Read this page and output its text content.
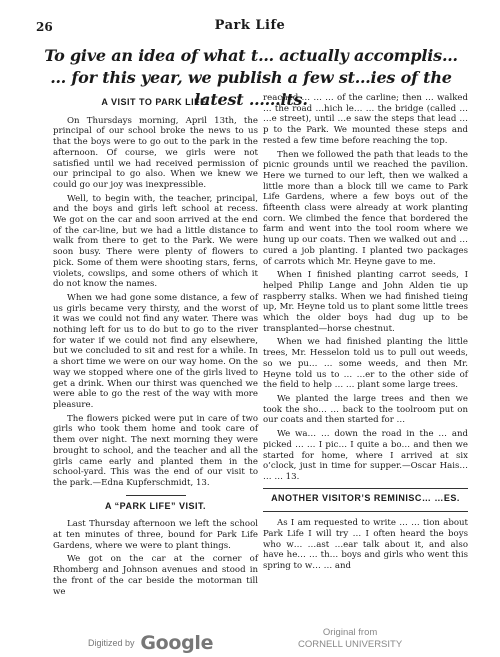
26	Park Life
To give an idea of what t… actually accomplis… … for this year, we publish a few st…ies of the latest ……its.
A VISIT TO PARK LIFE.

On Thursdays morning, April 13th, the principal of our school broke the news to us that the boys were to go out to the park in the afternoon. Of course, we girls were not satisfied until we had received permission of our principal to go also. When we knew we could go our joy was inexpressible.

Well, to begin with, the teacher, principal, and the boys and girls left school at recess. We got on the car and soon arrived at the end of the car-line, but we had a little distance to walk from there to get to the Park. We were soon busy. There were plenty of flowers to pick. Some of them were shooting stars, ferns, violets, cowslips, and some others of which it do not know the names.

When we had gone some distance, a few of us girls became very thirsty, and the worst of it was we could not find any water. There was nothing left for us to do but to go to the river for water if we could not find any elsewhere, but we concluded to sit and rest for a while. In a short time we were on our way home. On the way we stopped where one of the girls lived to get a drink. When our thirst was quenched we were able to go the rest of the way with more pleasure.

The flowers picked were put in care of two girls who took them home and took care of them over night. The next morning they were brought to school, and the teacher and all the girls came early and planted them in the school-yard. This was the end of our visit to the park.—Edna Kupferschmidt, 13.

A “PARK LIFE” VISIT.

Last Thursday afternoon we left the school at ten minutes of three, bound for Park Life Gardens, where we were to plant things.

We got on the car at the corner of Rhomberg and Johnson avenues and stood in the front of the car beside the motorman till we

reached … … … of the carline; then … walked … the road …hich le… … the bridge (called … …e street), until …e saw the steps that lead …p to the Park. We mounted these steps and rested a few time before reaching the top.

Then we followed the path that leads to the picnic grounds until we reached the pavilion. Here we turned to our left, then we walked a little more than a block till we came to Park Life Gardens, where a few boys out of the fifteenth class were already at work planting corn. We climbed the fence that bordered the farm and went into the tool room where we hung up our coats. Then we walked out and …cured a job planting. I planted two packages of carrots which Mr. Heyne gave to me.

When I finished planting carrot seeds, I helped Philip Lange and John Alden tie up raspberry stalks. When we had finished tieing up, Mr. Heyne told us to plant some little trees which the older boys had dug up to be transplanted—horse chestnut.

When we had finished planting the little trees, Mr. Hesselon told us to pull out weeds, so we pu… … some weeds, and then Mr. Heyne told us to … …er to the other side of the field to help … … plant some large trees.

We planted the large trees and then we took the sho… … back to the toolroom put on our coats and then started for …

We wa… … down the road in the … and picked … … I pic… I quite a bo… and then we started for home, where I arrived at six o’clock, just in time for supper.—Oscar Hais… … … 13.

ANOTHER VISITOR’S REMINISC… …ES.

As I am requested to write … … tion about Park Life I will try … I often heard the boys who w… …ast …ear talk about it, and also have he… … th… boys and girls who went this spring to w… … and

Digitized by Google	Original from
CORNELL UNIVERSITY
